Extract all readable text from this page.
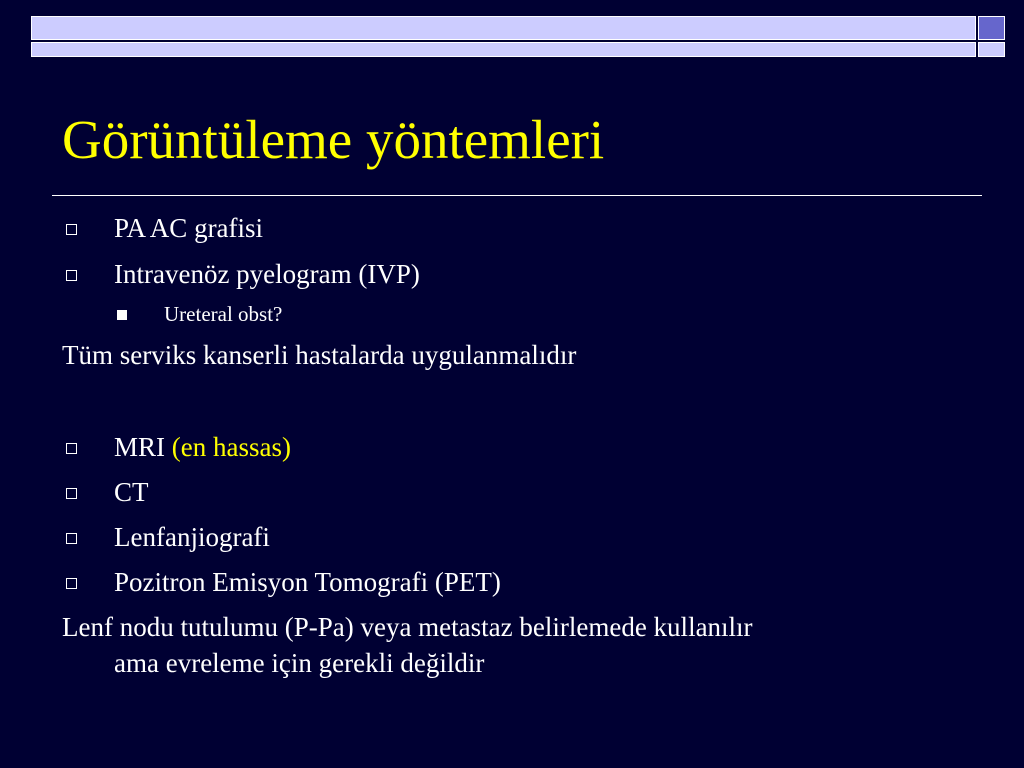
Görüntüleme yöntemleri
PA AC grafisi
Intravenöz pyelogram (IVP)
Ureteral obst?
Tüm serviks kanserli hastalarda uygulanmalıdır
MRI (en hassas)
CT
Lenfanjiografi
Pozitron Emisyon Tomografi (PET)
Lenf nodu tutulumu (P-Pa) veya metastaz belirlemede kullanılır
ama evreleme için gerekli değildir
